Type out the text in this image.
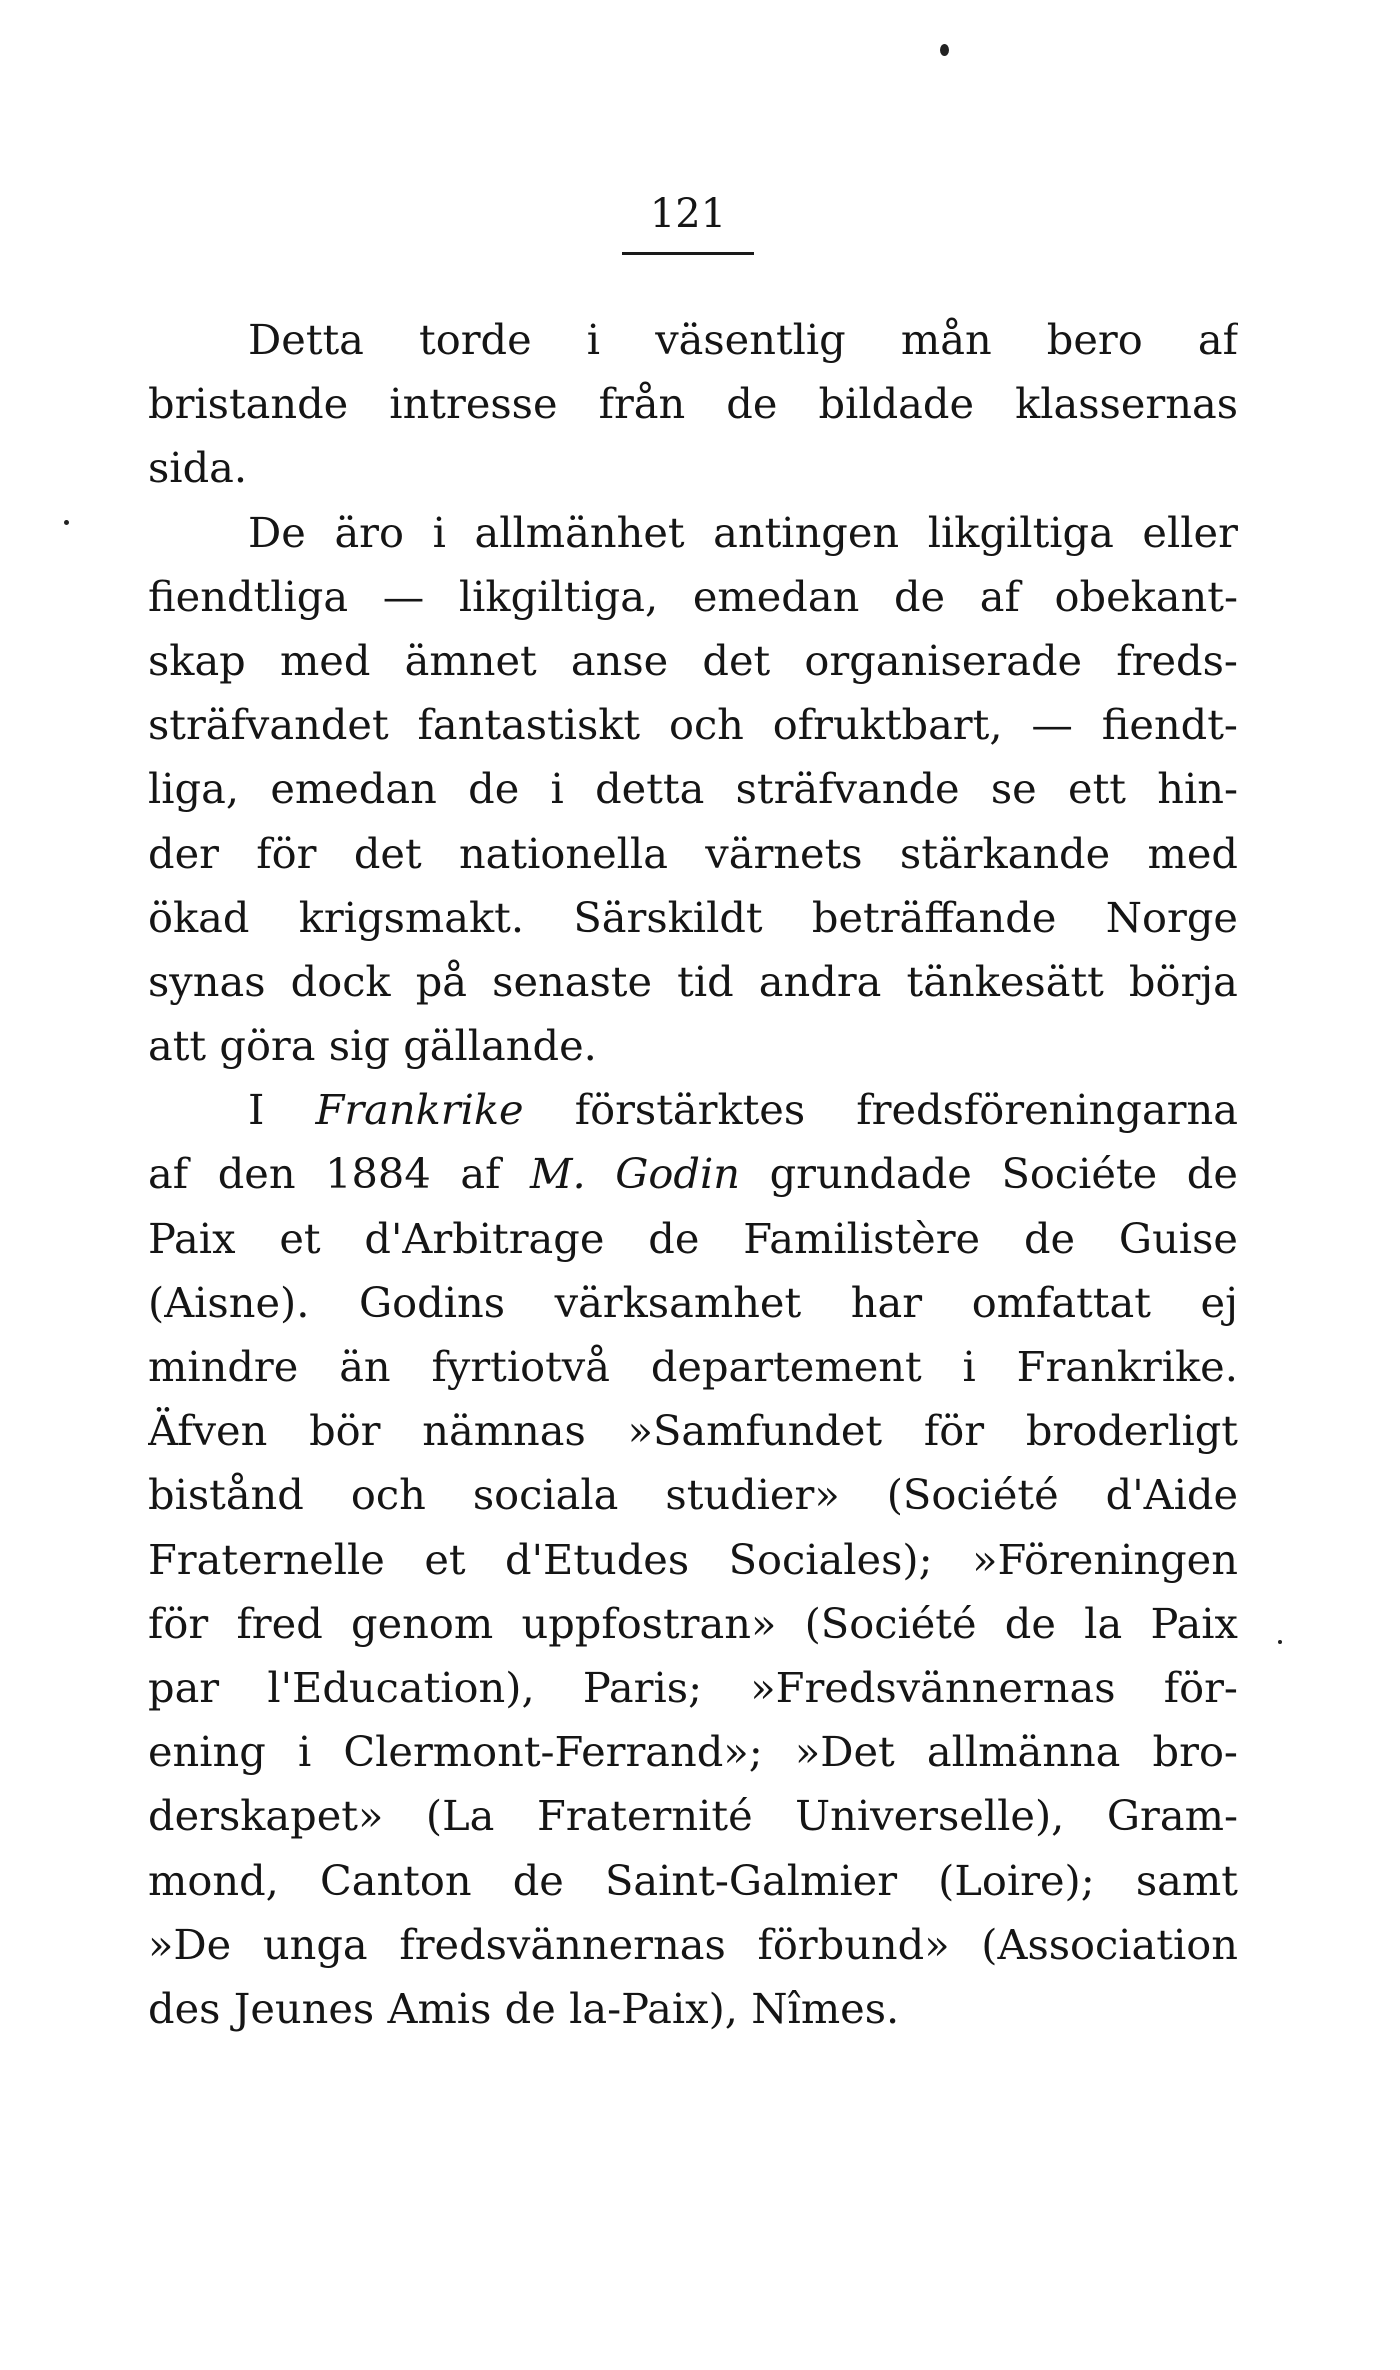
121
Detta torde i väsentlig mån bero af
bristande intresse från de bildade klassernas
sida.
De äro i allmänhet antingen likgiltiga eller
fiendtliga — likgiltiga, emedan de af obekant-
skap med ämnet anse det organiserade freds-
sträfvandet fantastiskt och ofruktbart, — fiendt-
liga, emedan de i detta sträfvande se ett hin-
der för det nationella värnets stärkande med
ökad krigsmakt. Särskildt beträffande Norge
synas dock på senaste tid andra tänkesätt börja
att göra sig gällande.
I Frankrike förstärktes fredsföreningarna
af den 1884 af M. Godin grundade Sociéte de
Paix et d'Arbitrage de Familistère de Guise
(Aisne). Godins värksamhet har omfattat ej
mindre än fyrtiotvå departement i Frankrike.
Äfven bör nämnas »Samfundet för broderligt
bistånd och sociala studier» (Société d'Aide
Fraternelle et d'Etudes Sociales); »Föreningen
för fred genom uppfostran» (Société de la Paix
par l'Education), Paris; »Fredsvännernas för-
ening i Clermont-Ferrand»; »Det allmänna bro-
derskapet» (La Fraternité Universelle), Gram-
mond, Canton de Saint-Galmier (Loire); samt
»De unga fredsvännernas förbund» (Association
des Jeunes Amis de la-Paix), Nîmes.
